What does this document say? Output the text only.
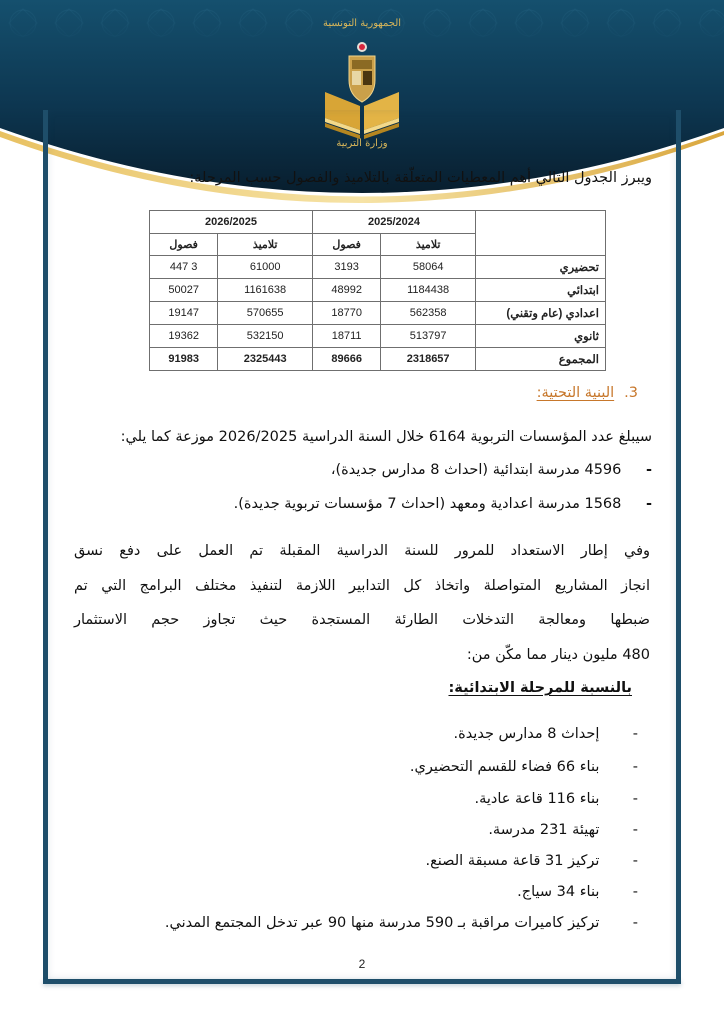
الجمهورية التونسية
وزارة التربية
ويبرز الجدول التالي أهم المعطيات المتعلّقة بالتلاميذ والفصول حسب المرحلة:
	2025/2024		2026/2025	
	تلاميذ	فصول	تلاميذ	فصول
تحضيري	58064	3193	61000	3 447
ابتدائي	1184438	48992	1161638	50027
اعدادي (عام وتقني)	562358	18770	570655	19147
ثانوي	513797	18711	532150	19362
المجموع	2318657	89666	2325443	91983
3.البنية التحتية:
سيبلغ عدد المؤسسات التربوية 6164 خلال السنة الدراسية 2026/2025 موزعة كما يلي:
- 4596 مدرسة ابتدائية (احداث 8 مدارس جديدة)،
- 1568 مدرسة اعدادية ومعهد (احداث 7 مؤسسات تربوية جديدة).
وفي إطار الاستعداد للمرور للسنة الدراسية المقبلة تم العمل على دفع نسق
انجاز المشاريع المتواصلة واتخاذ كل التدابير اللازمة لتنفيذ مختلف البرامج التي تم
ضبطها ومعالجة التدخلات الطارئة المستجدة حيث تجاوز حجم الاستثمار
480 مليون دينار مما مكّن من:
بالنسبة للمرحلة الابتدائية:
- إحداث 8 مدارس جديدة.
- بناء 66 فضاء للقسم التحضيري.
- بناء 116 قاعة عادية.
- تهيئة 231 مدرسة.
- تركيز 31 قاعة مسبقة الصنع.
- بناء 34 سياج.
- تركيز كاميرات مراقبة بـ 590 مدرسة منها 90 عبر تدخل المجتمع المدني.
2
